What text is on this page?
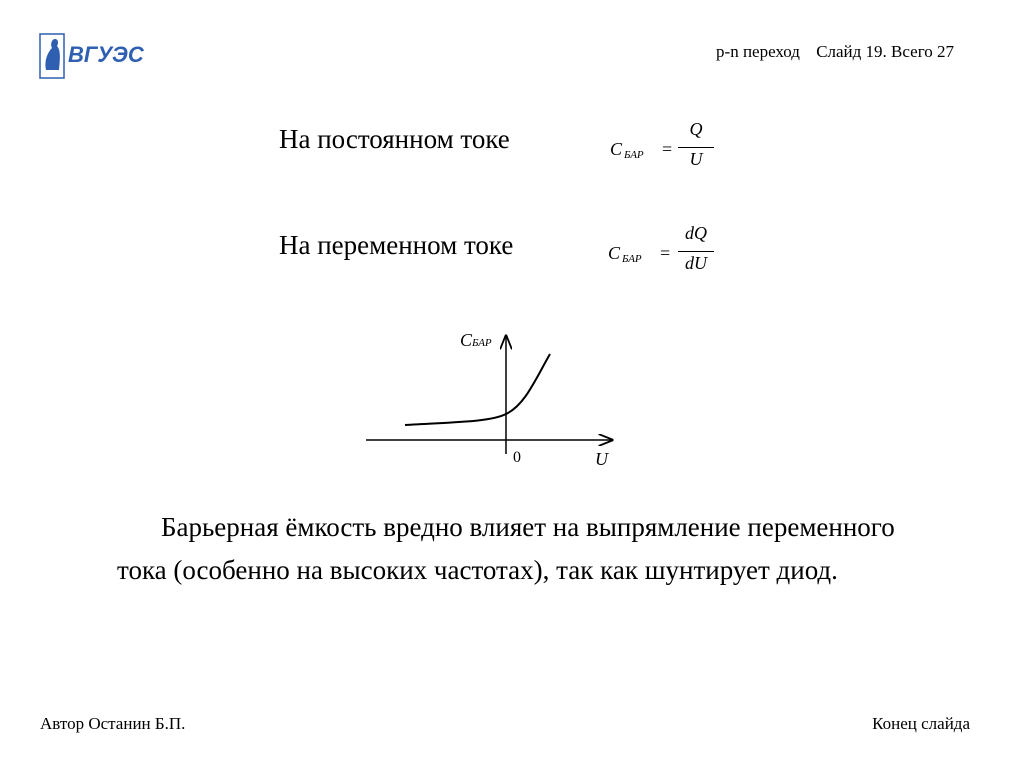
ВГУЭС	p-n переход Слайд 19. Всего 27
На постоянном токе	C БАР =
Q
U
На переменном токе	C БАР =
dQ
dU
CБАР
0	U
Барьерная ёмкость вредно влияет на выпрямление переменного тока (особенно на высоких частотах), так как шунтирует диод.
Автор Останин Б.П.	Конец слайда
